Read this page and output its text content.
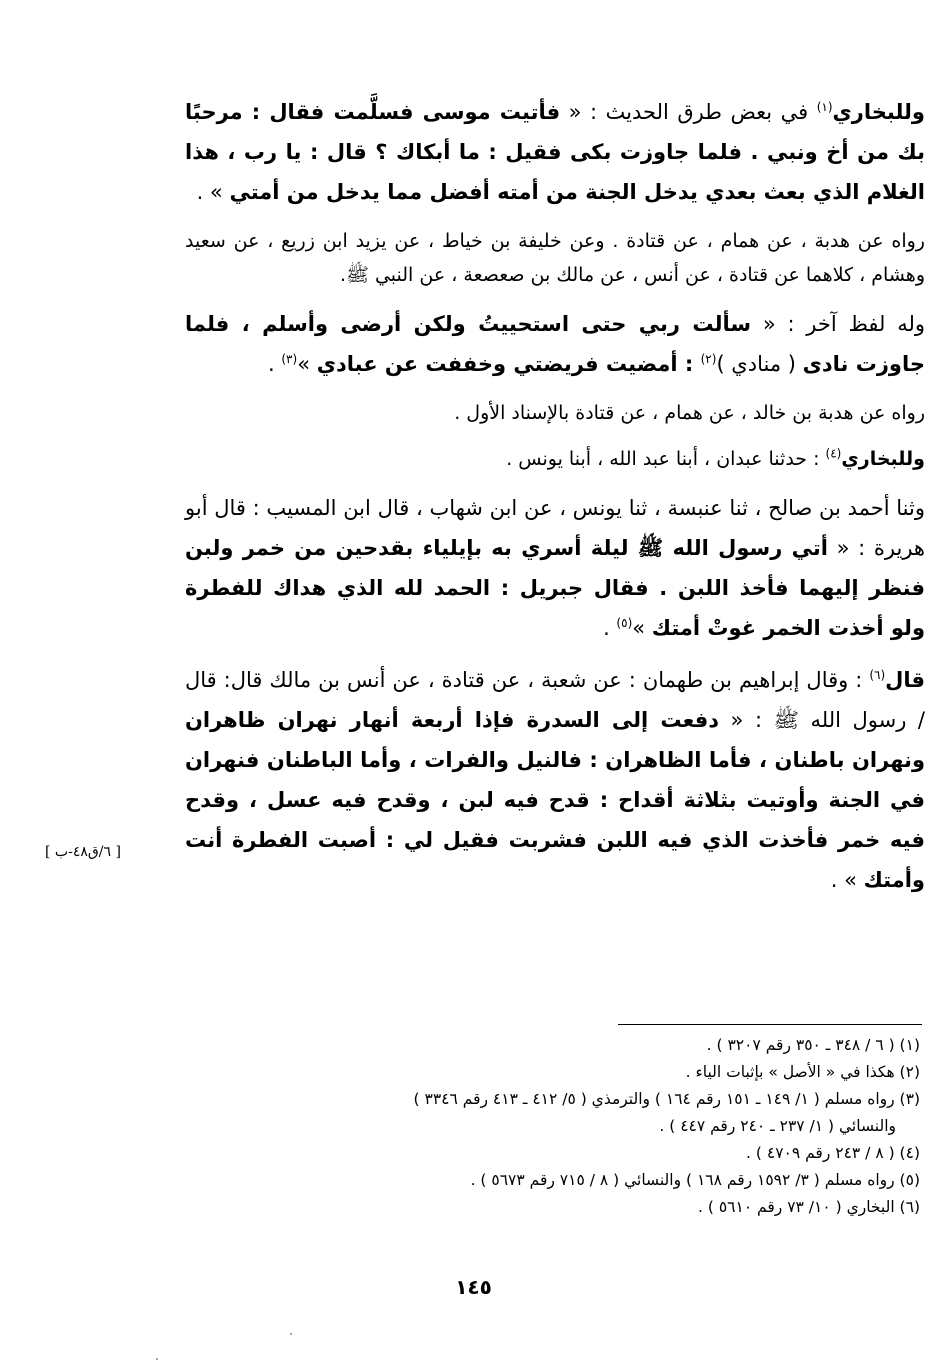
وللبخاري$^{(١)}$ في بعض طرق الحديث : « فأتيت موسى فسلَّمت فقال : مرحبًا بك من أخ ونبي . فلما جاوزت بكى فقيل : ما أبكاك ؟ قال : يا رب ، هذا الغلام الذي بعث بعدي يدخل الجنة من أمته أفضل مما يدخل من أمتي » .

رواه عن هدبة ، عن همام ، عن قتادة . وعن خليفة بن خياط ، عن يزيد ابن زريع ، عن سعيد وهشام ، كلاهما عن قتادة ، عن أنس ، عن مالك بن صعصعة ، عن النبي ﷺ.

وله لفظ آخر : « سألت ربي حتى استحييتُ ولكن أرضى وأسلم ، فلما جاوزت نادى ( منادي )$^{(٢)}$ : أمضيت فريضتي وخففت عن عبادي »$^{(٣)}$ .

رواه عن هدبة بن خالد ، عن همام ، عن قتادة بالإسناد الأول .

وللبخاري$^{(٤)}$ : حدثنا عبدان ، أبنا عبد الله ، أبنا يونس .

وثنا أحمد بن صالح ، ثنا عنبسة ، ثنا يونس ، عن ابن شهاب ، قال ابن المسيب : قال أبو هريرة : « أتي رسول الله ﷺ ليلة أسري به بإيلياء بقدحين من خمر ولبن فنظر إليهما فأخذ اللبن . فقال جبريل : الحمد لله الذي هداك للفطرة ولو أخذت الخمر غوتْ أمتك »$^{(٥)}$ .

قال$^{(٦)}$ : وقال إبراهيم بن طهمان : عن شعبة ، عن قتادة ، عن أنس بن مالك قال: قال / رسول الله ﷺ : « دفعت إلى السدرة فإذا أربعة أنهار نهران ظاهران ونهران باطنان ، فأما الظاهران : فالنيل والفرات ، وأما الباطنان فنهران في الجنة وأوتيت بثلاثة أقداح : قدح فيه لبن ، وقدح فيه عسل ، وقدح فيه خمر فأخذت الذي فيه اللبن فشربت فقيل لي : أصبت الفطرة أنت وأمتك » .

[ ٦/ق٤٨-ب ]

(١) ( ٦ / ٣٤٨ ـ ٣٥٠ رقم ٣٢٠٧ ) .

(٢) هكذا في « الأصل » بإثبات الياء .

(٣) رواه مسلم ( ١/ ١٤٩ ـ ١٥١ رقم ١٦٤ ) والترمذي ( ٥/ ٤١٢ ـ ٤١٣ رقم ٣٣٤٦ )

والنسائي ( ١/ ٢٣٧ ـ ٢٤٠ رقم ٤٤٧ ) .

(٤) ( ٨ / ٢٤٣ رقم ٤٧٠٩ ) .

(٥) رواه مسلم ( ٣/ ١٥٩٢ رقم ١٦٨ ) والنسائي ( ٨ / ٧١٥ رقم ٥٦٧٣ ) .

(٦) البخاري ( ١٠/ ٧٣ رقم ٥٦١٠ ) .

١٤٥
